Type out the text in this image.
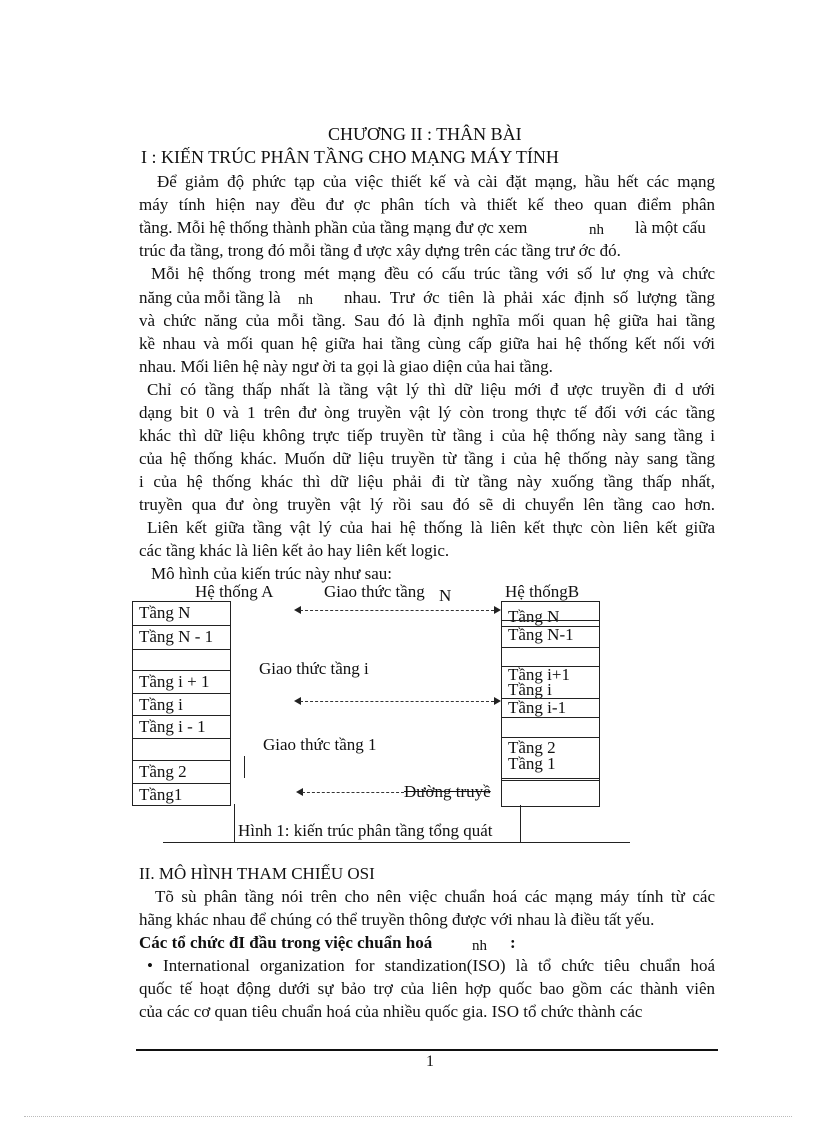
CHƯƠNG II : THÂN BÀI
I : KIẾN TRÚC PHÂN TẦNG CHO MẠNG MÁY TÍNH
Để giảm độ phức tạp của việc thiết kế và cài đặt mạng, hầu hết các mạng
máy tính hiện nay đều đư ợc phân tích và thiết kế theo quan điểm phân
tầng. Mỗi hệ thống thành phần của tầng mạng đư ợc xem	nh là một cấu
trúc đa tầng, trong đó mỗi tầng đ ược xây dựng trên các tầng trư ớc đó.
Mỗi hệ thống trong mét mạng đều có cấu trúc tầng với số lư ợng và chức
năng của mỗi tầng là nh nhau. Trư ớc tiên là phải xác định số lượng tầng
và chức năng của mỗi tầng. Sau đó là định nghĩa mối quan hệ giữa hai tầng
kề nhau và mối quan hệ giữa hai tầng cùng cấp giữa hai hệ thống kết nối với
nhau. Mối liên hệ này ngư ời ta gọi là giao diện của hai tầng.
Chỉ có tầng thấp nhất là tầng vật lý thì dữ liệu mới đ ược truyền đi d ưới
dạng bit 0 và 1 trên đư òng truyền vật lý còn trong thực tế đối với các tầng
khác thì dữ liệu không trực tiếp truyền từ tầng i của hệ thống này sang tầng i
của hệ thống khác. Muốn dữ liệu truyền từ tầng i của hệ thống này sang tầng
i của hệ thống khác thì dữ liệu phải đi từ tầng này xuống tầng thấp nhất,
truyền qua đư òng truyền vật lý rồi sau đó sẽ di chuyển lên tầng cao hơn.
Liên kết giữa tầng vật lý của hai hệ thống là liên kết thực còn liên kết giữa
các tầng khác là liên kết ảo hay liên kết logic.
Mô hình của kiến trúc này như sau:
Hệ thống A	Giao thức tầng N	Hệ thốngB
Tầng N
Tầng N - 1
Tầng i + 1
Tầng i
Tầng i - 1
Tầng 2
Tầng1
Tầng N
Tầng N-1
Tầng i+1
Tầng i
Tầng i-1
Tầng 2
Tầng 1
Giao thức tầng i
Giao thức tầng 1
Đường truyề
Hình 1: kiến trúc phân tầng tổng quát
II. MÔ HÌNH THAM CHIẾU OSI
Tõ sù phân tầng nói trên cho nên việc chuẩn hoá các mạng máy tính từ các
hãng khác nhau để chúng có thể truyền thông được với nhau là điều tất yếu.
Các tổ chức đI đầu trong việc chuẩn hoá	nh :
• International organization for standization(ISO) là tổ chức tiêu chuẩn hoá
quốc tế hoạt động dưới sự bảo trợ của liên hợp quốc bao gồm các thành viên
của các cơ quan tiêu chuẩn hoá của nhiều quốc gia. ISO tổ chức thành các
1
